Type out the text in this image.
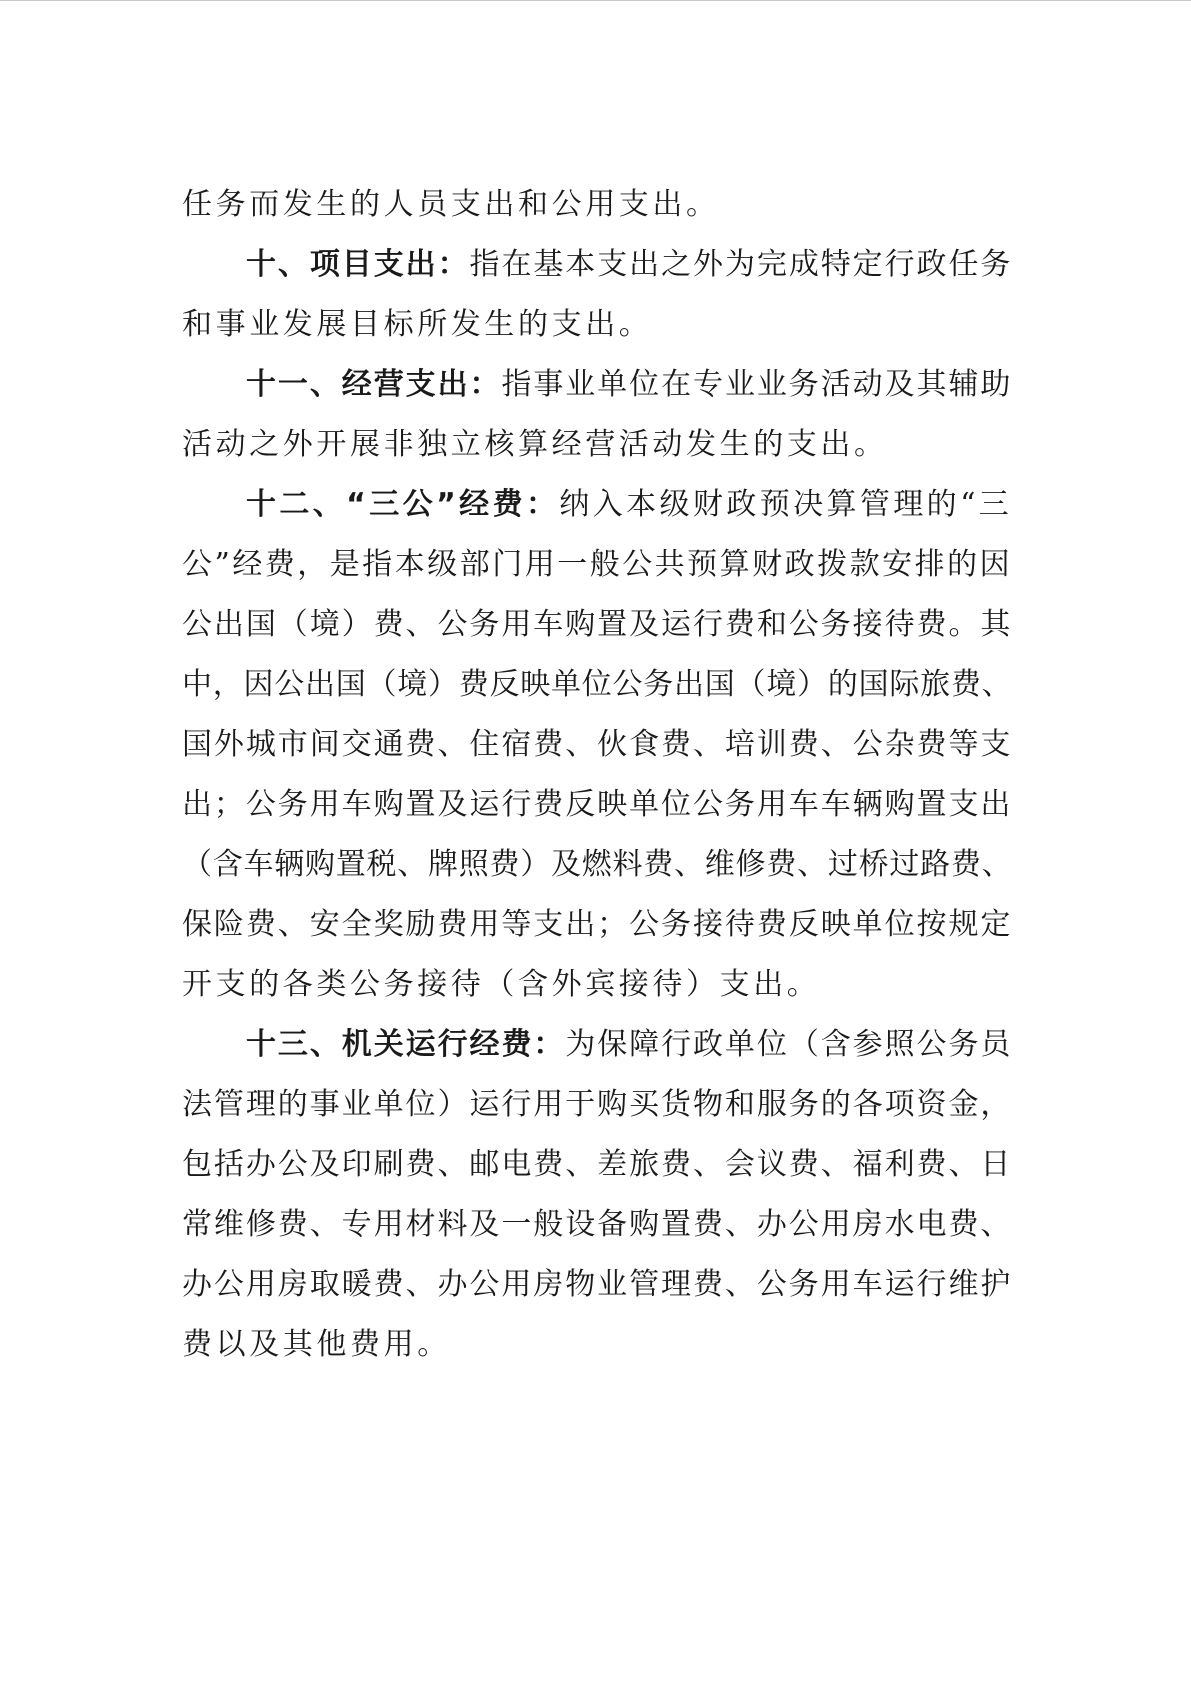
任务而发生的人员支出和公用支出。
十、项目支出：指在基本支出之外为完成特定行政任务
和事业发展目标所发生的支出。
十一、经营支出：指事业单位在专业业务活动及其辅助
活动之外开展非独立核算经营活动发生的支出。
十二、“三公”经费：纳入本级财政预决算管理的“三
公”经费，是指本级部门用一般公共预算财政拨款安排的因
公出国（境）费、公务用车购置及运行费和公务接待费。其
中，因公出国（境）费反映单位公务出国（境）的国际旅费、
国外城市间交通费、住宿费、伙食费、培训费、公杂费等支
出；公务用车购置及运行费反映单位公务用车车辆购置支出
（含车辆购置税、牌照费）及燃料费、维修费、过桥过路费、
保险费、安全奖励费用等支出；公务接待费反映单位按规定
开支的各类公务接待（含外宾接待）支出。
十三、机关运行经费：为保障行政单位（含参照公务员
法管理的事业单位）运行用于购买货物和服务的各项资金，
包括办公及印刷费、邮电费、差旅费、会议费、福利费、日
常维修费、专用材料及一般设备购置费、办公用房水电费、
办公用房取暖费、办公用房物业管理费、公务用车运行维护
费以及其他费用。
